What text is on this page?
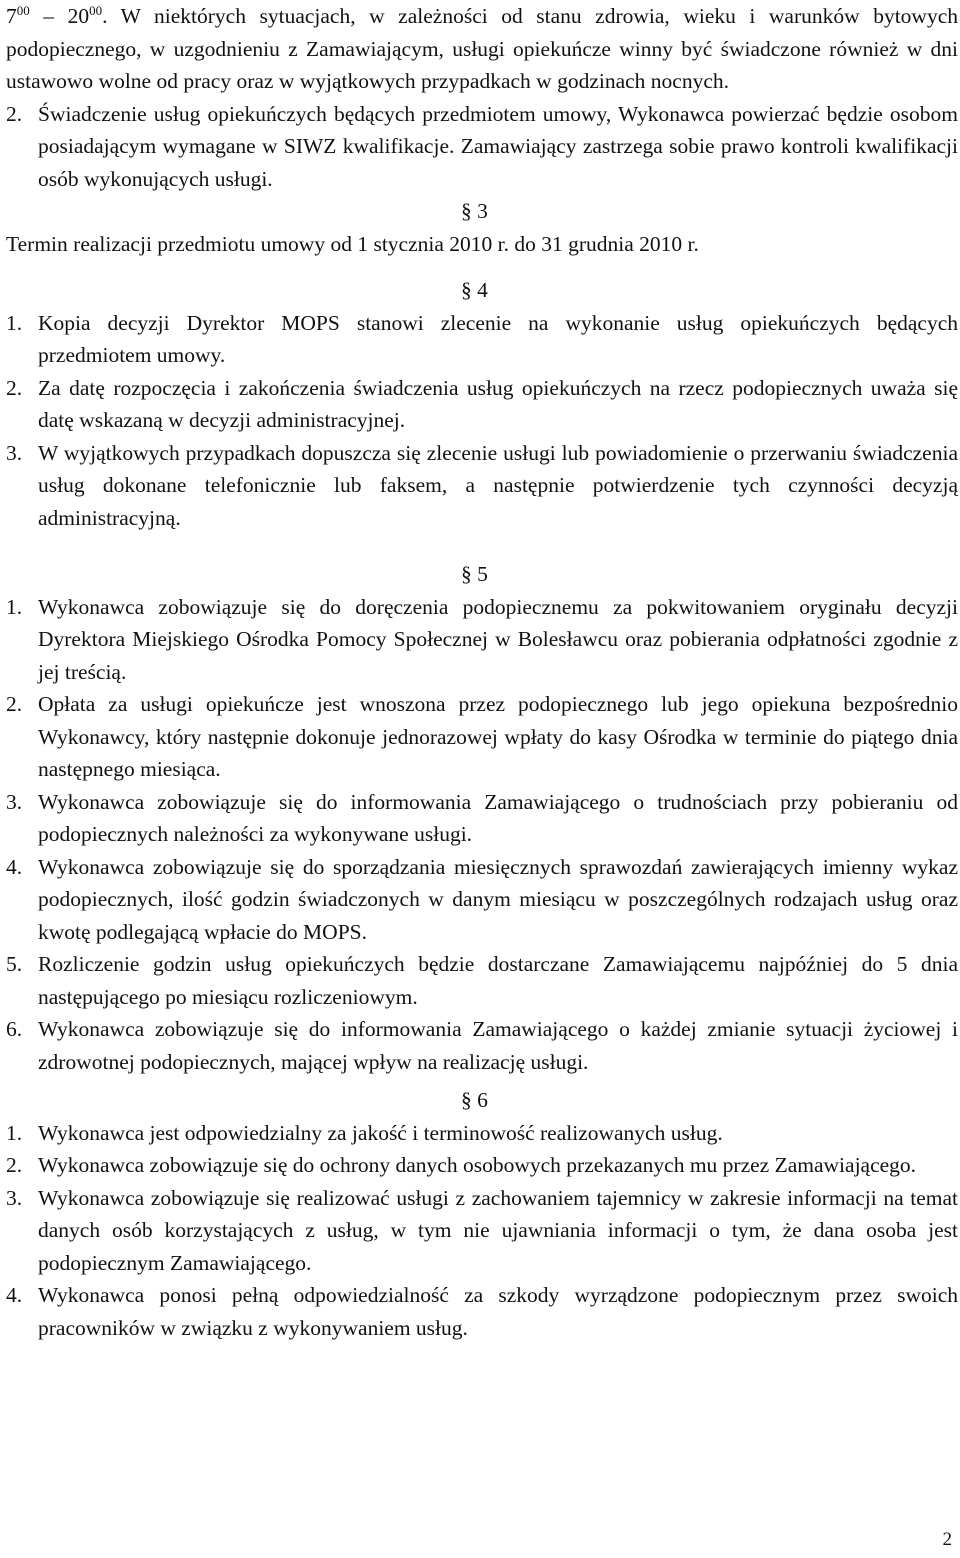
$7^{00} - 20^{00}$. W niektórych sytuacjach, w zależności od stanu zdrowia, wieku i warunków bytowych podopiecznego, w uzgodnieniu z Zamawiającym, usługi opiekuńcze winny być świadczone również w dni ustawowo wolne od pracy oraz w wyjątkowych przypadkach w godzinach nocnych.

2. Świadczenie usług opiekuńczych będących przedmiotem umowy, Wykonawca powierzać będzie osobom posiadającym wymagane w SIWZ kwalifikacje. Zamawiający zastrzega sobie prawo kontroli kwalifikacji osób wykonujących usługi.

§ 3

Termin realizacji przedmiotu umowy od 1 stycznia 2010 r. do 31 grudnia 2010 r.

§ 4

1. Kopia decyzji Dyrektor MOPS stanowi zlecenie na wykonanie usług opiekuńczych będących przedmiotem umowy.
2. Za datę rozpoczęcia i zakończenia świadczenia usług opiekuńczych na rzecz podopiecznych uważa się datę wskazaną w decyzji administracyjnej.
3. W wyjątkowych przypadkach dopuszcza się zlecenie usługi lub powiadomienie o przerwaniu świadczenia usług dokonane telefonicznie lub faksem, a następnie potwierdzenie tych czynności decyzją administracyjną.

§ 5

1. Wykonawca zobowiązuje się do doręczenia podopiecznemu za pokwitowaniem oryginału decyzji Dyrektora Miejskiego Ośrodka Pomocy Społecznej w Bolesławcu oraz pobierania odpłatności zgodnie z jej treścią.
2. Opłata za usługi opiekuńcze jest wnoszona przez podopiecznego lub jego opiekuna bezpośrednio Wykonawcy, który następnie dokonuje jednorazowej wpłaty do kasy Ośrodka w terminie do piątego dnia następnego miesiąca.
3. Wykonawca zobowiązuje się do informowania Zamawiającego o trudnościach przy pobieraniu od podopiecznych należności za wykonywane usługi.
4. Wykonawca zobowiązuje się do sporządzania miesięcznych sprawozdań zawierających imienny wykaz podopiecznych, ilość godzin świadczonych w danym miesiącu w poszczególnych rodzajach usług oraz kwotę podlegającą wpłacie do MOPS.
5. Rozliczenie godzin usług opiekuńczych będzie dostarczane Zamawiającemu najpóźniej do 5 dnia następującego po miesiącu rozliczeniowym.
6. Wykonawca zobowiązuje się do informowania Zamawiającego o każdej zmianie sytuacji życiowej i zdrowotnej podopiecznych, mającej wpływ na realizację usługi.

§ 6

1. Wykonawca jest odpowiedzialny za jakość i terminowość realizowanych usług.
2. Wykonawca zobowiązuje się do ochrony danych osobowych przekazanych mu przez Zamawiającego.
3. Wykonawca zobowiązuje się realizować usługi z zachowaniem tajemnicy w zakresie informacji na temat danych osób korzystających z usług, w tym nie ujawniania informacji o tym, że dana osoba jest podopiecznym Zamawiającego.
4. Wykonawca ponosi pełną odpowiedzialność za szkody wyrządzone podopiecznym przez swoich pracowników w związku z wykonywaniem usług.
2
